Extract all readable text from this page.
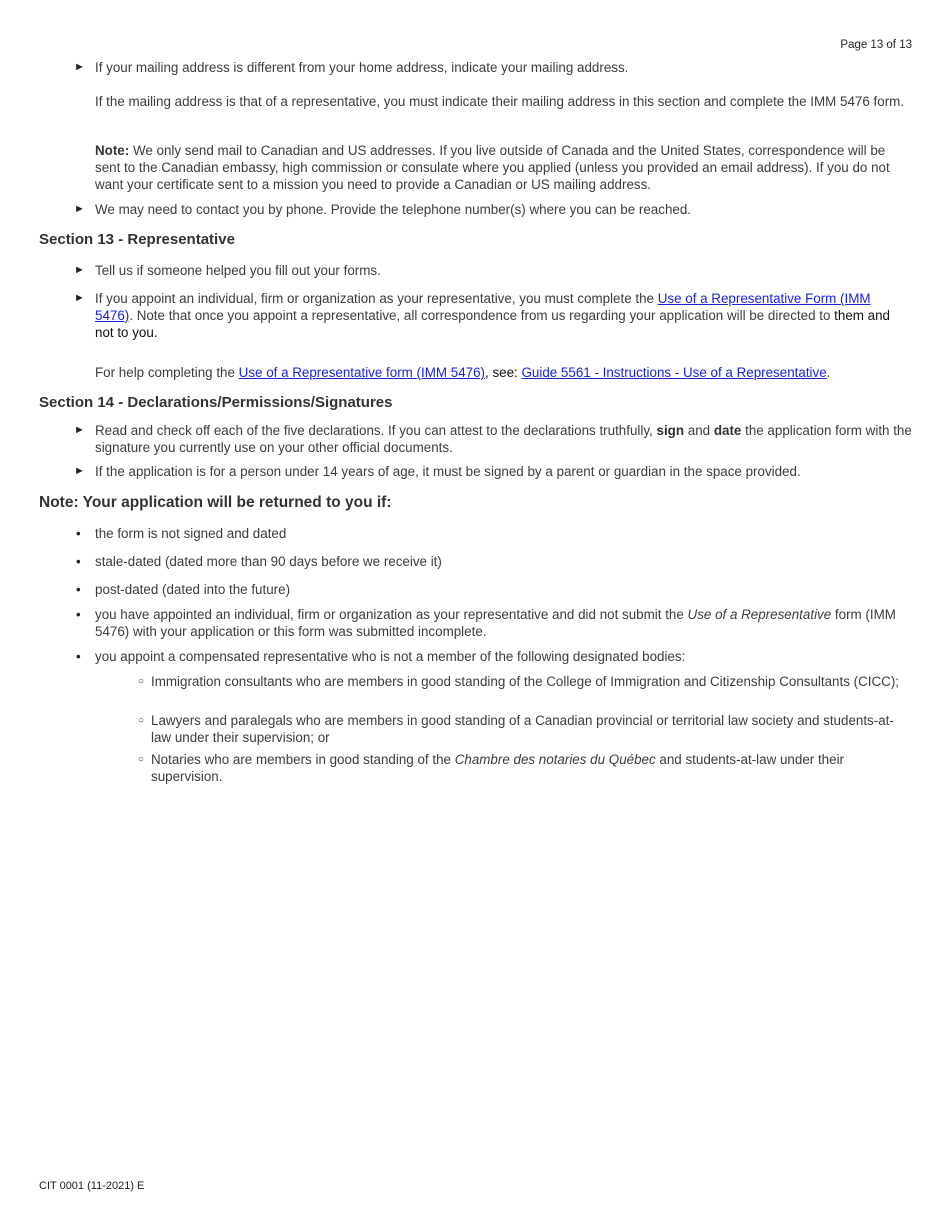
Page 13 of 13
► If your mailing address is different from your home address, indicate your mailing address.
If the mailing address is that of a representative, you must indicate their mailing address in this section and complete the IMM 5476 form.
Note: We only send mail to Canadian and US addresses. If you live outside of Canada and the United States, correspondence will be sent to the Canadian embassy, high commission or consulate where you applied (unless you provided an email address). If you do not want your certificate sent to a mission you need to provide a Canadian or US mailing address.
► We may need to contact you by phone. Provide the telephone number(s) where you can be reached.
Section 13 - Representative
► Tell us if someone helped you fill out your forms.
► If you appoint an individual, firm or organization as your representative, you must complete the Use of a Representative Form (IMM 5476). Note that once you appoint a representative, all correspondence from us regarding your application will be directed to them and not to you.
For help completing the Use of a Representative form (IMM 5476), see: Guide 5561 - Instructions - Use of a Representative.
Section 14 - Declarations/Permissions/Signatures
► Read and check off each of the five declarations. If you can attest to the declarations truthfully, sign and date the application form with the signature you currently use on your other official documents.
► If the application is for a person under 14 years of age, it must be signed by a parent or guardian in the space provided.
Note: Your application will be returned to you if:
• the form is not signed and dated
• stale-dated (dated more than 90 days before we receive it)
• post-dated (dated into the future)
• you have appointed an individual, firm or organization as your representative and did not submit the Use of a Representative form (IMM 5476) with your application or this form was submitted incomplete.
• you appoint a compensated representative who is not a member of the following designated bodies:
○ Immigration consultants who are members in good standing of the College of Immigration and Citizenship Consultants (CICC);
○ Lawyers and paralegals who are members in good standing of a Canadian provincial or territorial law society and students-at-law under their supervision; or
○ Notaries who are members in good standing of the Chambre des notaries du Québec and students-at-law under their supervision.
CIT 0001 (11-2021) E
